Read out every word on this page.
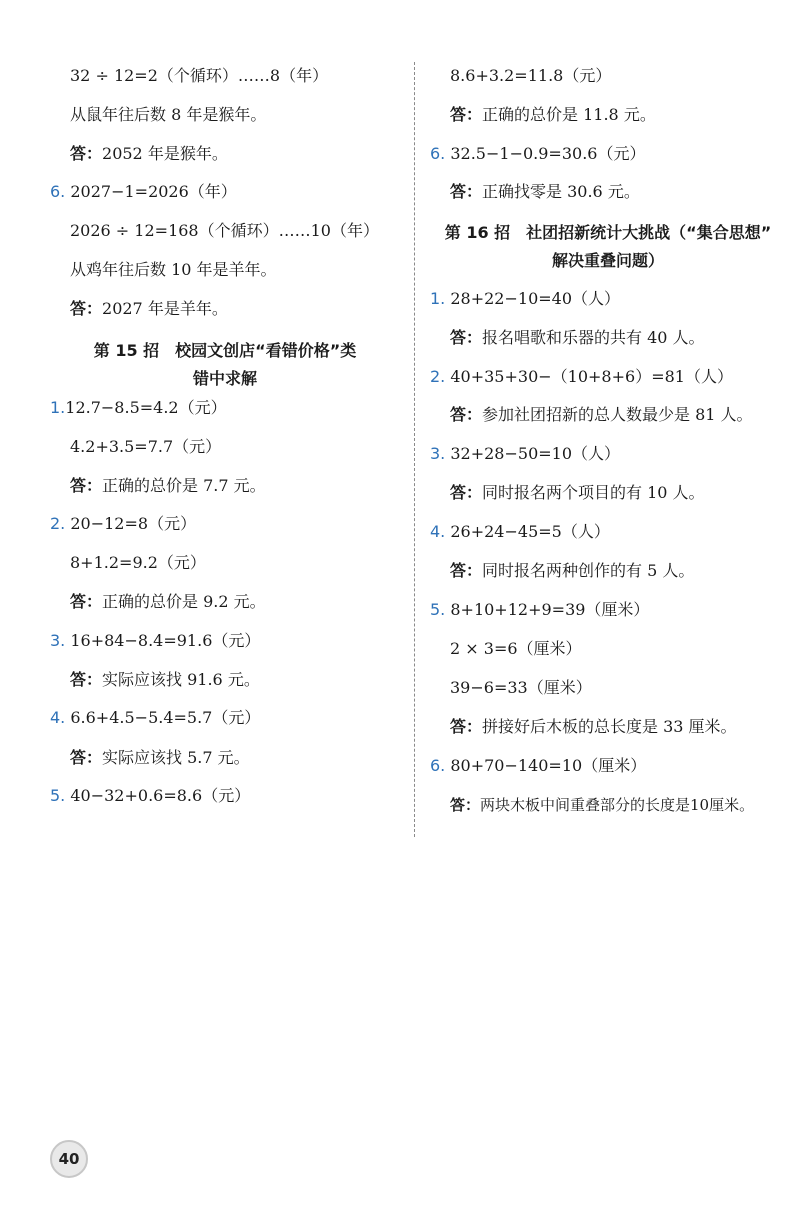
32 ÷ 12=2（个循环）……8（年）
从鼠年往后数 8 年是猴年。
答：2052 年是猴年。
6. 2027−1=2026（年）
2026 ÷ 12=168（个循环）……10（年）
从鸡年往后数 10 年是羊年。
答：2027 年是羊年。
第 15 招　校园文创店“看错价格”类
错中求解
1.12.7−8.5=4.2（元）
4.2+3.5=7.7（元）
答：正确的总价是 7.7 元。
2. 20−12=8（元）
8+1.2=9.2（元）
答：正确的总价是 9.2 元。
3. 16+84−8.4=91.6（元）
答：实际应该找 91.6 元。
4. 6.6+4.5−5.4=5.7（元）
答：实际应该找 5.7 元。
5. 40−32+0.6=8.6（元）
8.6+3.2=11.8（元）
答：正确的总价是 11.8 元。
6. 32.5−1−0.9=30.6（元）
答：正确找零是 30.6 元。
第 16 招　社团招新统计大挑战（“集合思想”
解决重叠问题）
1. 28+22−10=40（人）
答：报名唱歌和乐器的共有 40 人。
2. 40+35+30−（10+8+6）=81（人）
答：参加社团招新的总人数最少是 81 人。
3. 32+28−50=10（人）
答：同时报名两个项目的有 10 人。
4. 26+24−45=5（人）
答：同时报名两种创作的有 5 人。
5. 8+10+12+9=39（厘米）
2 × 3=6（厘米）
39−6=33（厘米）
答：拼接好后木板的总长度是 33 厘米。
6. 80+70−140=10（厘米）
答：两块木板中间重叠部分的长度是10厘米。
40
